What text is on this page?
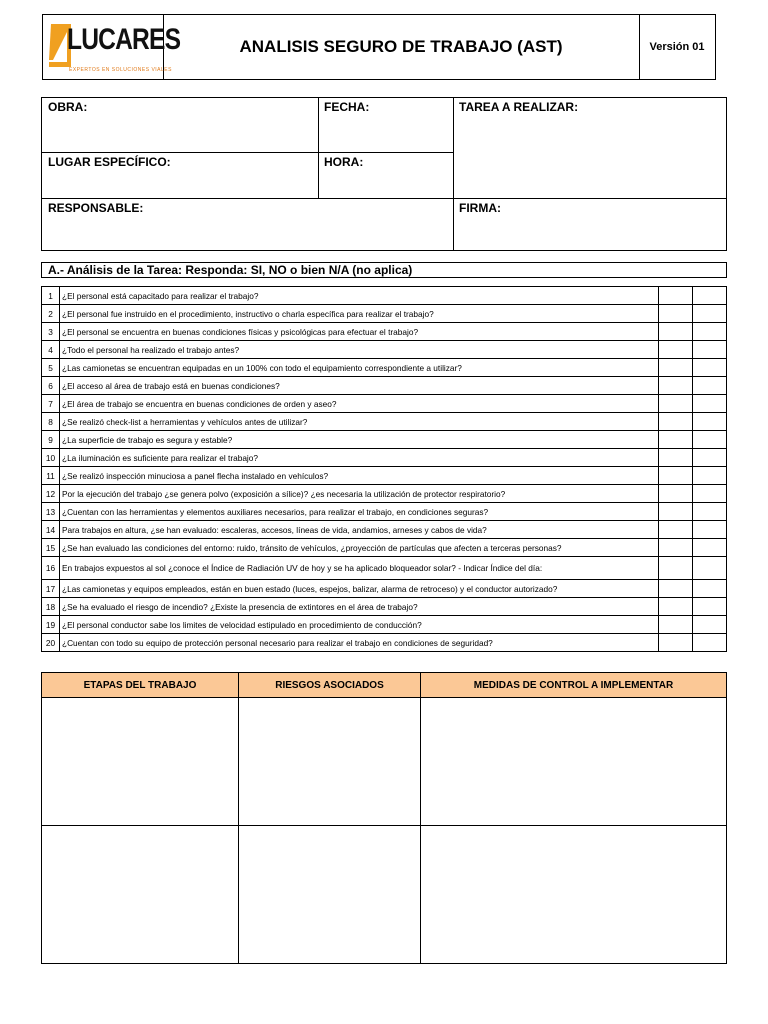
LUCARES
EXPERTOS EN SOLUCIONES VIALES
ANALISIS SEGURO DE TRABAJO (AST)	Versión 01
OBRA:	FECHA:	TAREA A REALIZAR:
LUGAR ESPECÍFICO:	HORA:
RESPONSABLE:	FIRMA:
A.- Análisis de la Tarea: Responda: SI, NO o bien N/A (no aplica)
1	¿El personal está capacitado para realizar el trabajo?		
2	¿El personal fue instruido en el procedimiento, instructivo o charla específica para realizar el trabajo?		
3	¿El personal se encuentra en buenas condiciones físicas y psicológicas para efectuar el trabajo?		
4	¿Todo el personal ha realizado el trabajo antes?		
5	¿Las camionetas se encuentran equipadas en un 100% con todo el equipamiento correspondiente a utilizar?		
6	¿El acceso al área de trabajo está en buenas condiciones?		
7	¿El área de trabajo se encuentra en buenas condiciones de orden y aseo?		
8	¿Se realizó check-list a herramientas y vehículos antes de utilizar?		
9	¿La superficie de trabajo es segura y estable?		
10	¿La iluminación es suficiente para realizar el trabajo?		
11	¿Se realizó inspección minuciosa a panel flecha instalado en vehículos?		
12	Por la ejecución del trabajo ¿se genera polvo (exposición a sílice)? ¿es necesaria la utilización de protector respiratorio?		
13	¿Cuentan con las herramientas y elementos auxiliares necesarios, para realizar el trabajo, en condiciones seguras?		
14	Para trabajos en altura, ¿se han evaluado: escaleras, accesos, líneas de vida, andamios, arneses y cabos de vida?		
15	¿Se han evaluado las condiciones del entorno: ruido, tránsito de vehículos, ¿proyección de partículas que afecten a terceras personas?		
16	En trabajos expuestos al sol ¿conoce el Índice de Radiación UV de hoy y se ha aplicado bloqueador solar? - Indicar Índice del día:		
17	¿Las camionetas y equipos empleados, están en buen estado (luces, espejos, balizar, alarma de retroceso) y el conductor autorizado?		
18	¿Se ha evaluado el riesgo de incendio? ¿Existe la presencia de extintores en el área de trabajo?		
19	¿El personal conductor sabe los limites de velocidad estipulado en procedimiento de conducción?		
20	¿Cuentan con todo su equipo de protección personal necesario para realizar el trabajo en condiciones de seguridad?		
ETAPAS DEL TRABAJO	RIESGOS ASOCIADOS	MEDIDAS DE CONTROL A IMPLEMENTAR
